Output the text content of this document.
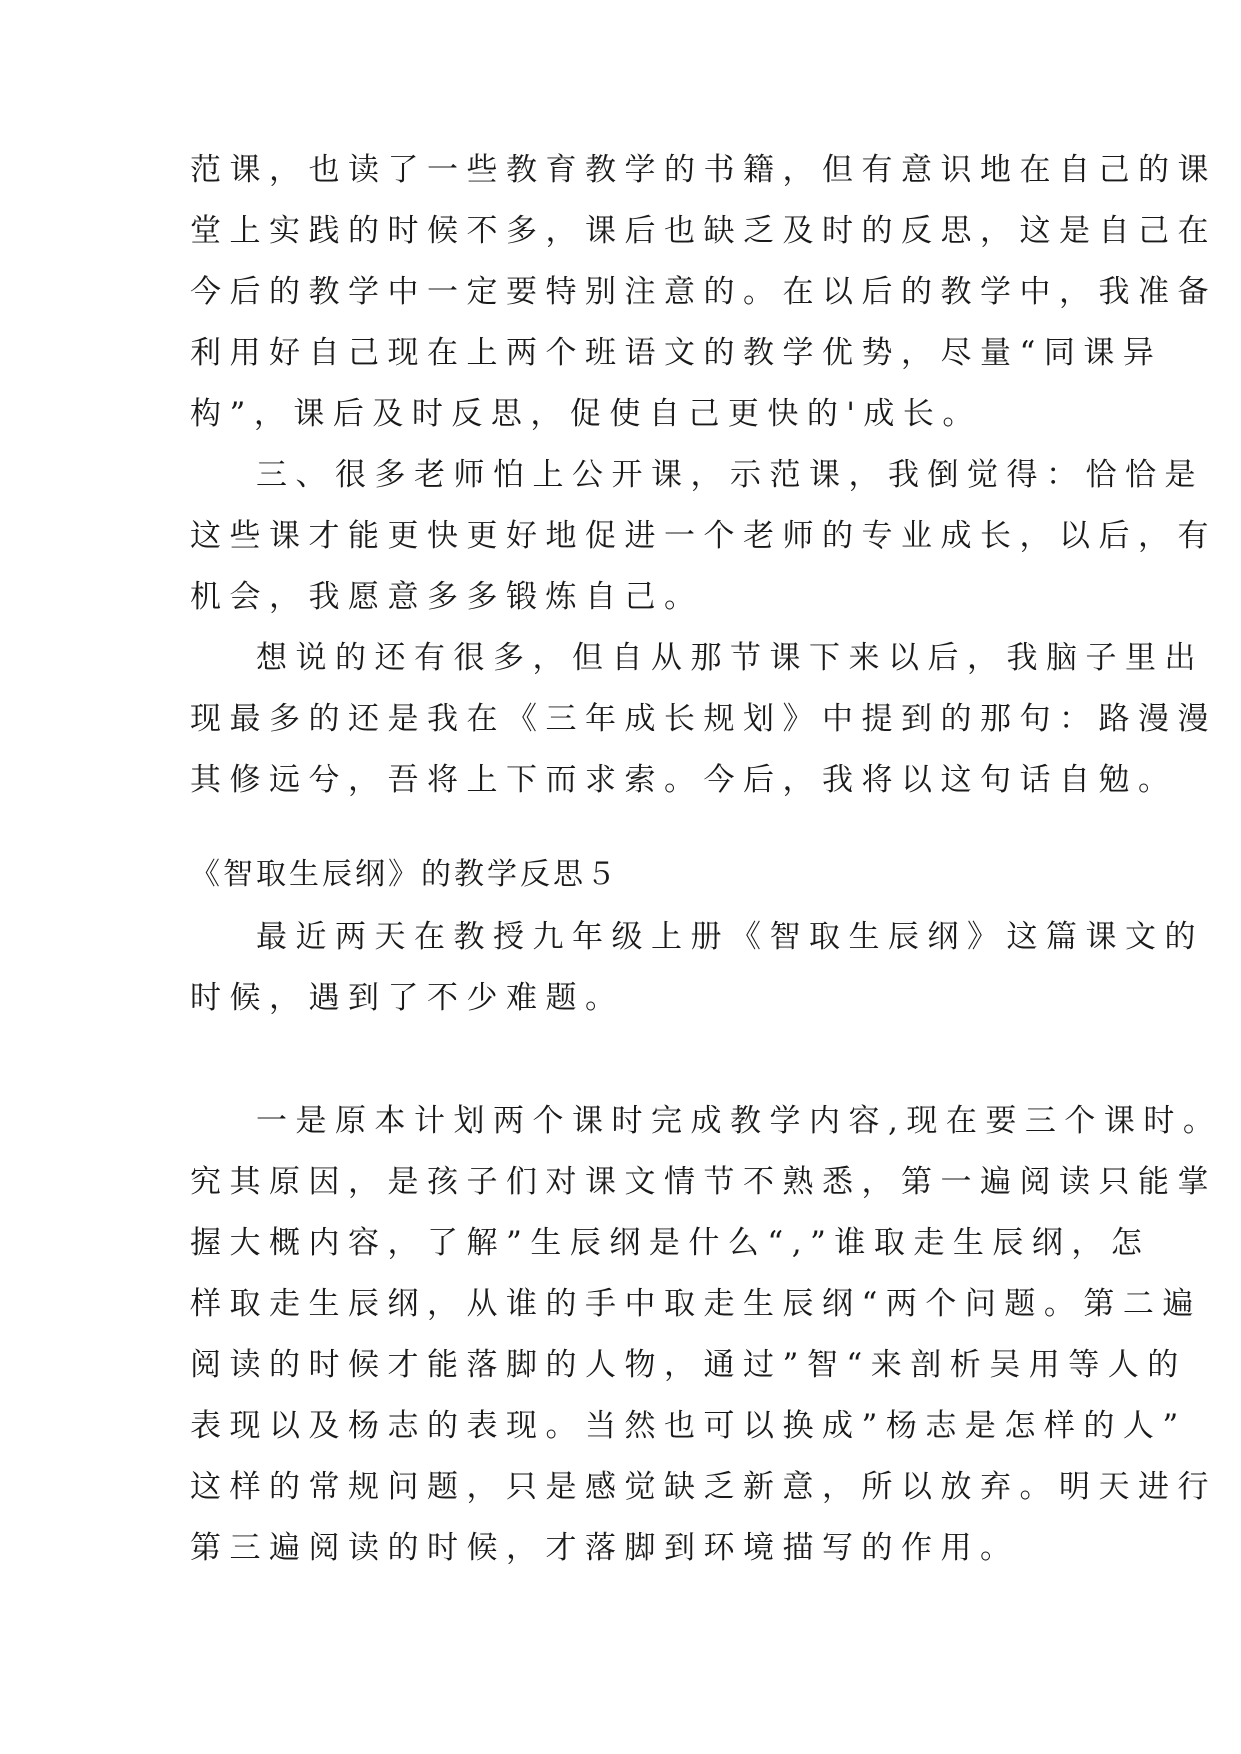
范课，也读了一些教育教学的书籍，但有意识地在自己的课
堂上实践的时候不多，课后也缺乏及时的反思，这是自己在
今后的教学中一定要特别注意的。在以后的教学中，我准备
利用好自己现在上两个班语文的教学优势，尽量“同课异
构”，课后及时反思，促使自己更快的'成长。
三、很多老师怕上公开课，示范课，我倒觉得：恰恰是
这些课才能更快更好地促进一个老师的专业成长，以后，有
机会，我愿意多多锻炼自己。
想说的还有很多，但自从那节课下来以后，我脑子里出
现最多的还是我在《三年成长规划》中提到的那句：路漫漫
其修远兮，吾将上下而求索。今后，我将以这句话自勉。
《智取生辰纲》的教学反思５
最近两天在教授九年级上册《智取生辰纲》这篇课文的
时候，遇到了不少难题。
一是原本计划两个课时完成教学内容,现在要三个课时。
究其原因，是孩子们对课文情节不熟悉，第一遍阅读只能掌
握大概内容，了解”生辰纲是什么“,”谁取走生辰纲，怎
样取走生辰纲，从谁的手中取走生辰纲“两个问题。第二遍
阅读的时候才能落脚的人物，通过”智“来剖析吴用等人的
表现以及杨志的表现。当然也可以换成”杨志是怎样的人”
这样的常规问题，只是感觉缺乏新意，所以放弃。明天进行
第三遍阅读的时候，才落脚到环境描写的作用。
